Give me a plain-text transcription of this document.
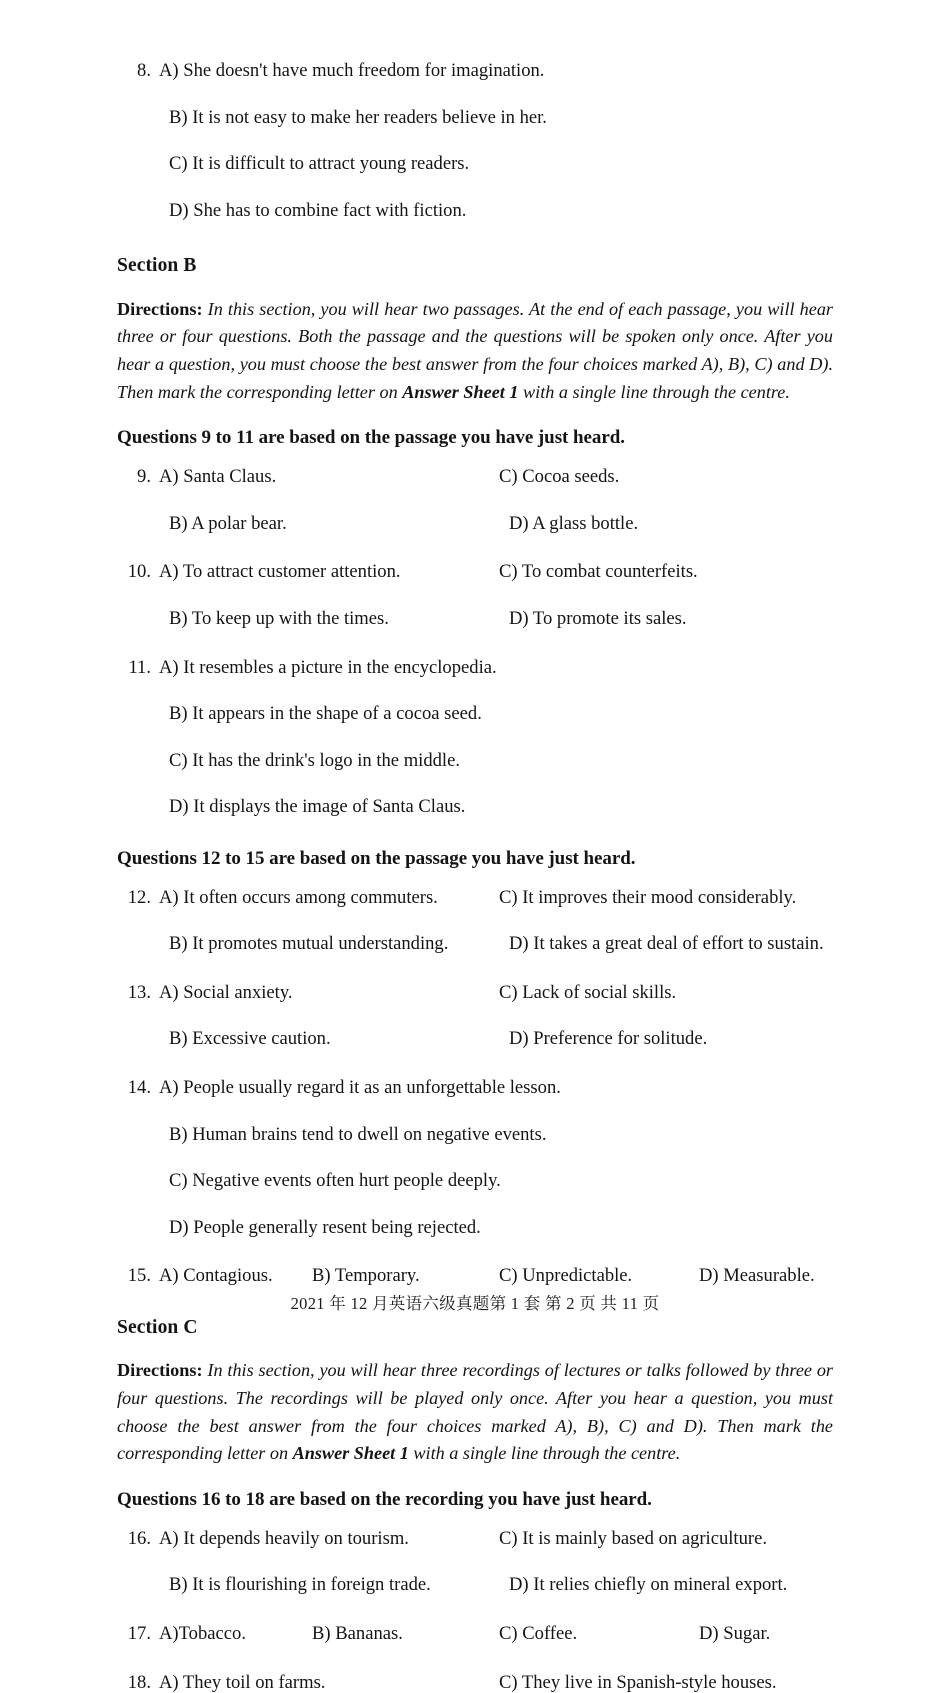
8. A) She doesn't have much freedom for imagination.
B) It is not easy to make her readers believe in her.
C) It is difficult to attract young readers.
D) She has to combine fact with fiction.
Section B

Directions: In this section, you will hear two passages. At the end of each passage, you will hear three or four questions. Both the passage and the questions will be spoken only once. After you hear a question, you must choose the best answer from the four choices marked A), B), C) and D). Then mark the corresponding letter on Answer Sheet 1 with a single line through the centre.

Questions 9 to 11 are based on the passage you have just heard.
9. A) Santa Claus.	C) Cocoa seeds.
B) A polar bear.	D) A glass bottle.
10. A) To attract customer attention.	C) To combat counterfeits.
B) To keep up with the times.	D) To promote its sales.
11. A) It resembles a picture in the encyclopedia.
B) It appears in the shape of a cocoa seed.
C) It has the drink's logo in the middle.
D) It displays the image of Santa Claus.
Questions 12 to 15 are based on the passage you have just heard.
12. A) It often occurs among commuters.	C) It improves their mood considerably.
B) It promotes mutual understanding.	D) It takes a great deal of effort to sustain.
13. A) Social anxiety.	C) Lack of social skills.
B) Excessive caution.	D) Preference for solitude.
14. A) People usually regard it as an unforgettable lesson.
B) Human brains tend to dwell on negative events.
C) Negative events often hurt people deeply.
D) People generally resent being rejected.
15. A) Contagious.	B) Temporary.	C) Unpredictable.	D) Measurable.
Section C

Directions: In this section, you will hear three recordings of lectures or talks followed by three or four questions. The recordings will be played only once. After you hear a question, you must choose the best answer from the four choices marked A), B), C) and D). Then mark the corresponding letter on Answer Sheet 1 with a single line through the centre.

Questions 16 to 18 are based on the recording you have just heard.
16. A) It depends heavily on tourism.	C) It is mainly based on agriculture.
B) It is flourishing in foreign trade.	D) It relies chiefly on mineral export.
17. A)Tobacco.	B) Bananas.	C) Coffee.	D) Sugar.
18. A) They toil on farms.	C) They live in Spanish-style houses.
2021 年 12 月英语六级真题第 1 套 第 2 页 共 11 页
